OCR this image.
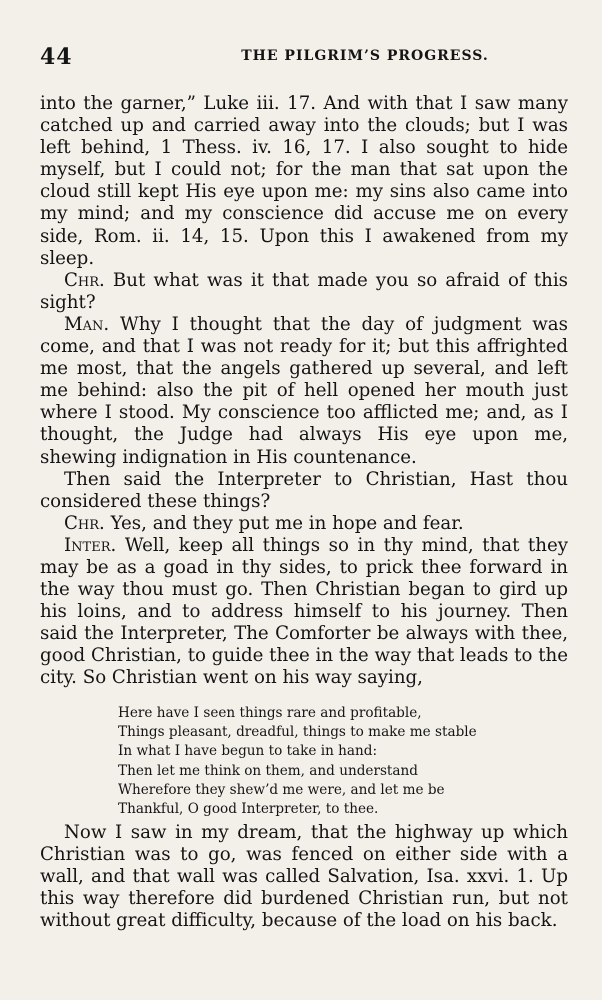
44	THE PILGRIM’S PROGRESS.

into the garner,” Luke iii. 17. And with that I saw many catched up and carried away into the clouds; but I was left behind, 1 Thess. iv. 16, 17. I also sought to hide myself, but I could not; for the man that sat upon the cloud still kept His eye upon me: my sins also came into my mind; and my conscience did accuse me on every side, Rom. ii. 14, 15. Upon this I awakened from my sleep.

Chr. But what was it that made you so afraid of this sight?

Man. Why I thought that the day of judgment was come, and that I was not ready for it; but this affrighted me most, that the angels gathered up several, and left me behind: also the pit of hell opened her mouth just where I stood. My conscience too afflicted me; and, as I thought, the Judge had always His eye upon me, shewing indignation in His countenance.

Then said the Interpreter to Christian, Hast thou considered these things?

Chr. Yes, and they put me in hope and fear.

Inter. Well, keep all things so in thy mind, that they may be as a goad in thy sides, to prick thee forward in the way thou must go. Then Christian began to gird up his loins, and to address himself to his journey. Then said the Interpreter, The Comforter be always with thee, good Christian, to guide thee in the way that leads to the city. So Christian went on his way saying,

Here have I seen things rare and profitable,
Things pleasant, dreadful, things to make me stable
In what I have begun to take in hand:
Then let me think on them, and understand
Wherefore they shew’d me were, and let me be
Thankful, O good Interpreter, to thee.

Now I saw in my dream, that the highway up which Christian was to go, was fenced on either side with a wall, and that wall was called Salvation, Isa. xxvi. 1. Up this way therefore did burdened Christian run, but not without great difficulty, because of the load on his back.
